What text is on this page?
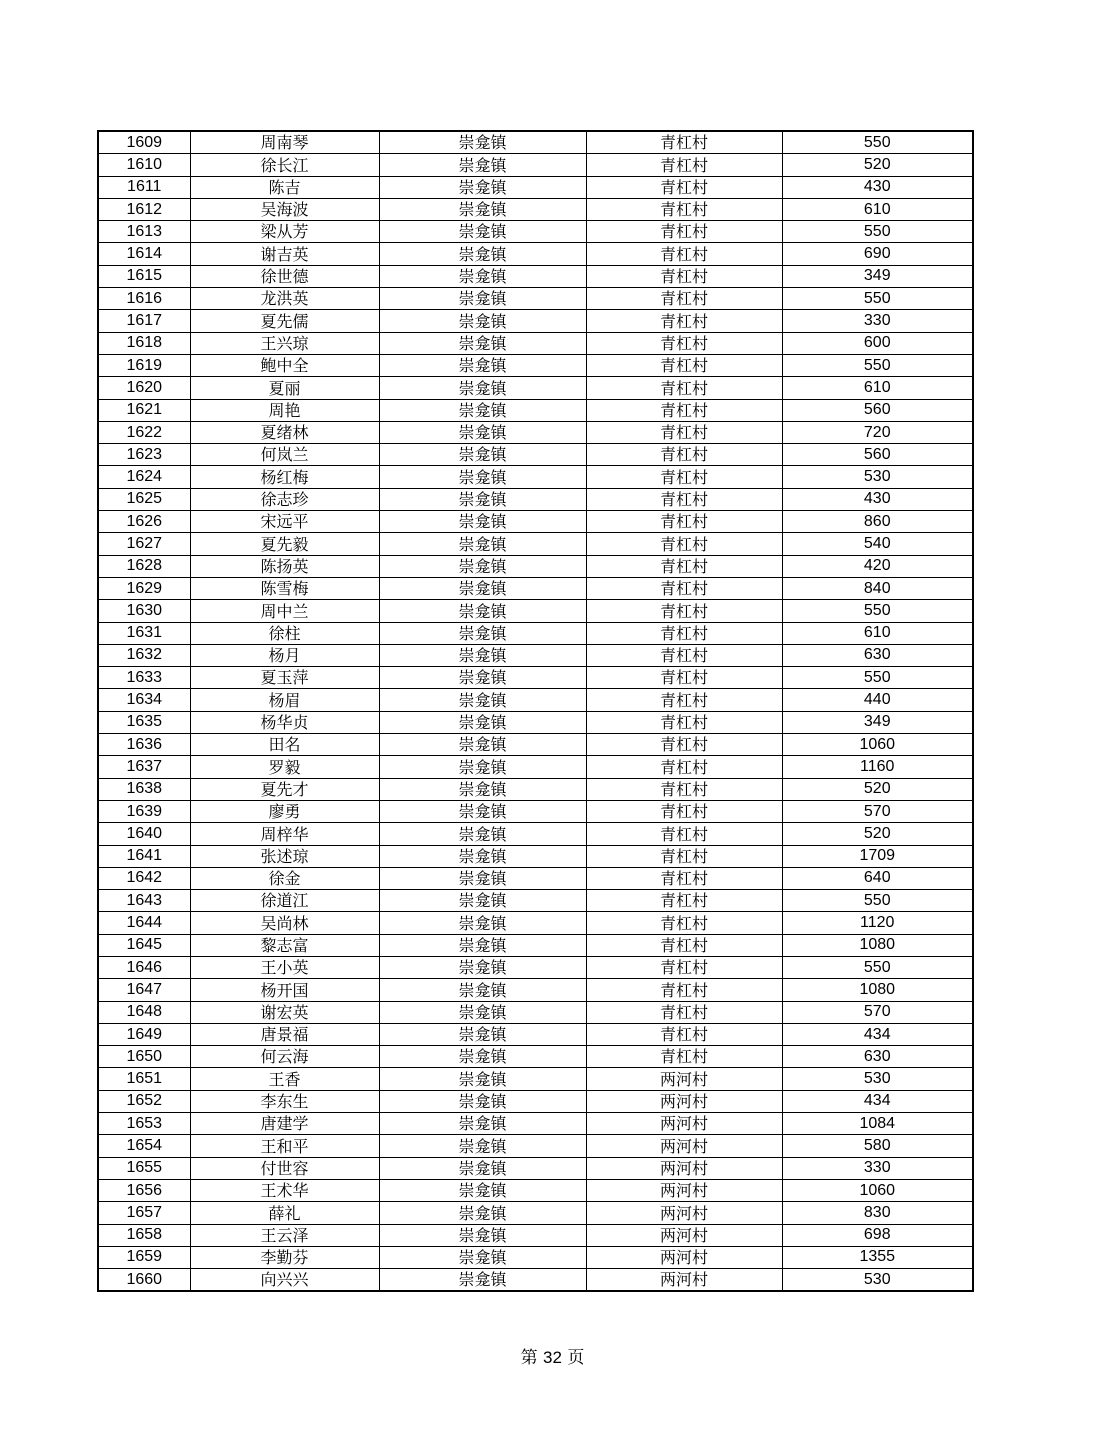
1609	周南琴	崇龛镇	青杠村	550
1610	徐长江	崇龛镇	青杠村	520
1611	陈吉	崇龛镇	青杠村	430
1612	吴海波	崇龛镇	青杠村	610
1613	梁从芳	崇龛镇	青杠村	550
1614	谢吉英	崇龛镇	青杠村	690
1615	徐世德	崇龛镇	青杠村	349
1616	龙洪英	崇龛镇	青杠村	550
1617	夏先儒	崇龛镇	青杠村	330
1618	王兴琼	崇龛镇	青杠村	600
1619	鲍中全	崇龛镇	青杠村	550
1620	夏丽	崇龛镇	青杠村	610
1621	周艳	崇龛镇	青杠村	560
1622	夏绪林	崇龛镇	青杠村	720
1623	何岚兰	崇龛镇	青杠村	560
1624	杨红梅	崇龛镇	青杠村	530
1625	徐志珍	崇龛镇	青杠村	430
1626	宋远平	崇龛镇	青杠村	860
1627	夏先毅	崇龛镇	青杠村	540
1628	陈扬英	崇龛镇	青杠村	420
1629	陈雪梅	崇龛镇	青杠村	840
1630	周中兰	崇龛镇	青杠村	550
1631	徐柱	崇龛镇	青杠村	610
1632	杨月	崇龛镇	青杠村	630
1633	夏玉萍	崇龛镇	青杠村	550
1634	杨眉	崇龛镇	青杠村	440
1635	杨华贞	崇龛镇	青杠村	349
1636	田名	崇龛镇	青杠村	1060
1637	罗毅	崇龛镇	青杠村	1160
1638	夏先才	崇龛镇	青杠村	520
1639	廖勇	崇龛镇	青杠村	570
1640	周梓华	崇龛镇	青杠村	520
1641	张述琼	崇龛镇	青杠村	1709
1642	徐金	崇龛镇	青杠村	640
1643	徐道江	崇龛镇	青杠村	550
1644	吴尚林	崇龛镇	青杠村	1120
1645	黎志富	崇龛镇	青杠村	1080
1646	王小英	崇龛镇	青杠村	550
1647	杨开国	崇龛镇	青杠村	1080
1648	谢宏英	崇龛镇	青杠村	570
1649	唐景福	崇龛镇	青杠村	434
1650	何云海	崇龛镇	青杠村	630
1651	王香	崇龛镇	两河村	530
1652	李东生	崇龛镇	两河村	434
1653	唐建学	崇龛镇	两河村	1084
1654	王和平	崇龛镇	两河村	580
1655	付世容	崇龛镇	两河村	330
1656	王术华	崇龛镇	两河村	1060
1657	薛礼	崇龛镇	两河村	830
1658	王云泽	崇龛镇	两河村	698
1659	李勤芬	崇龛镇	两河村	1355
1660	向兴兴	崇龛镇	两河村	530
第 32 页
